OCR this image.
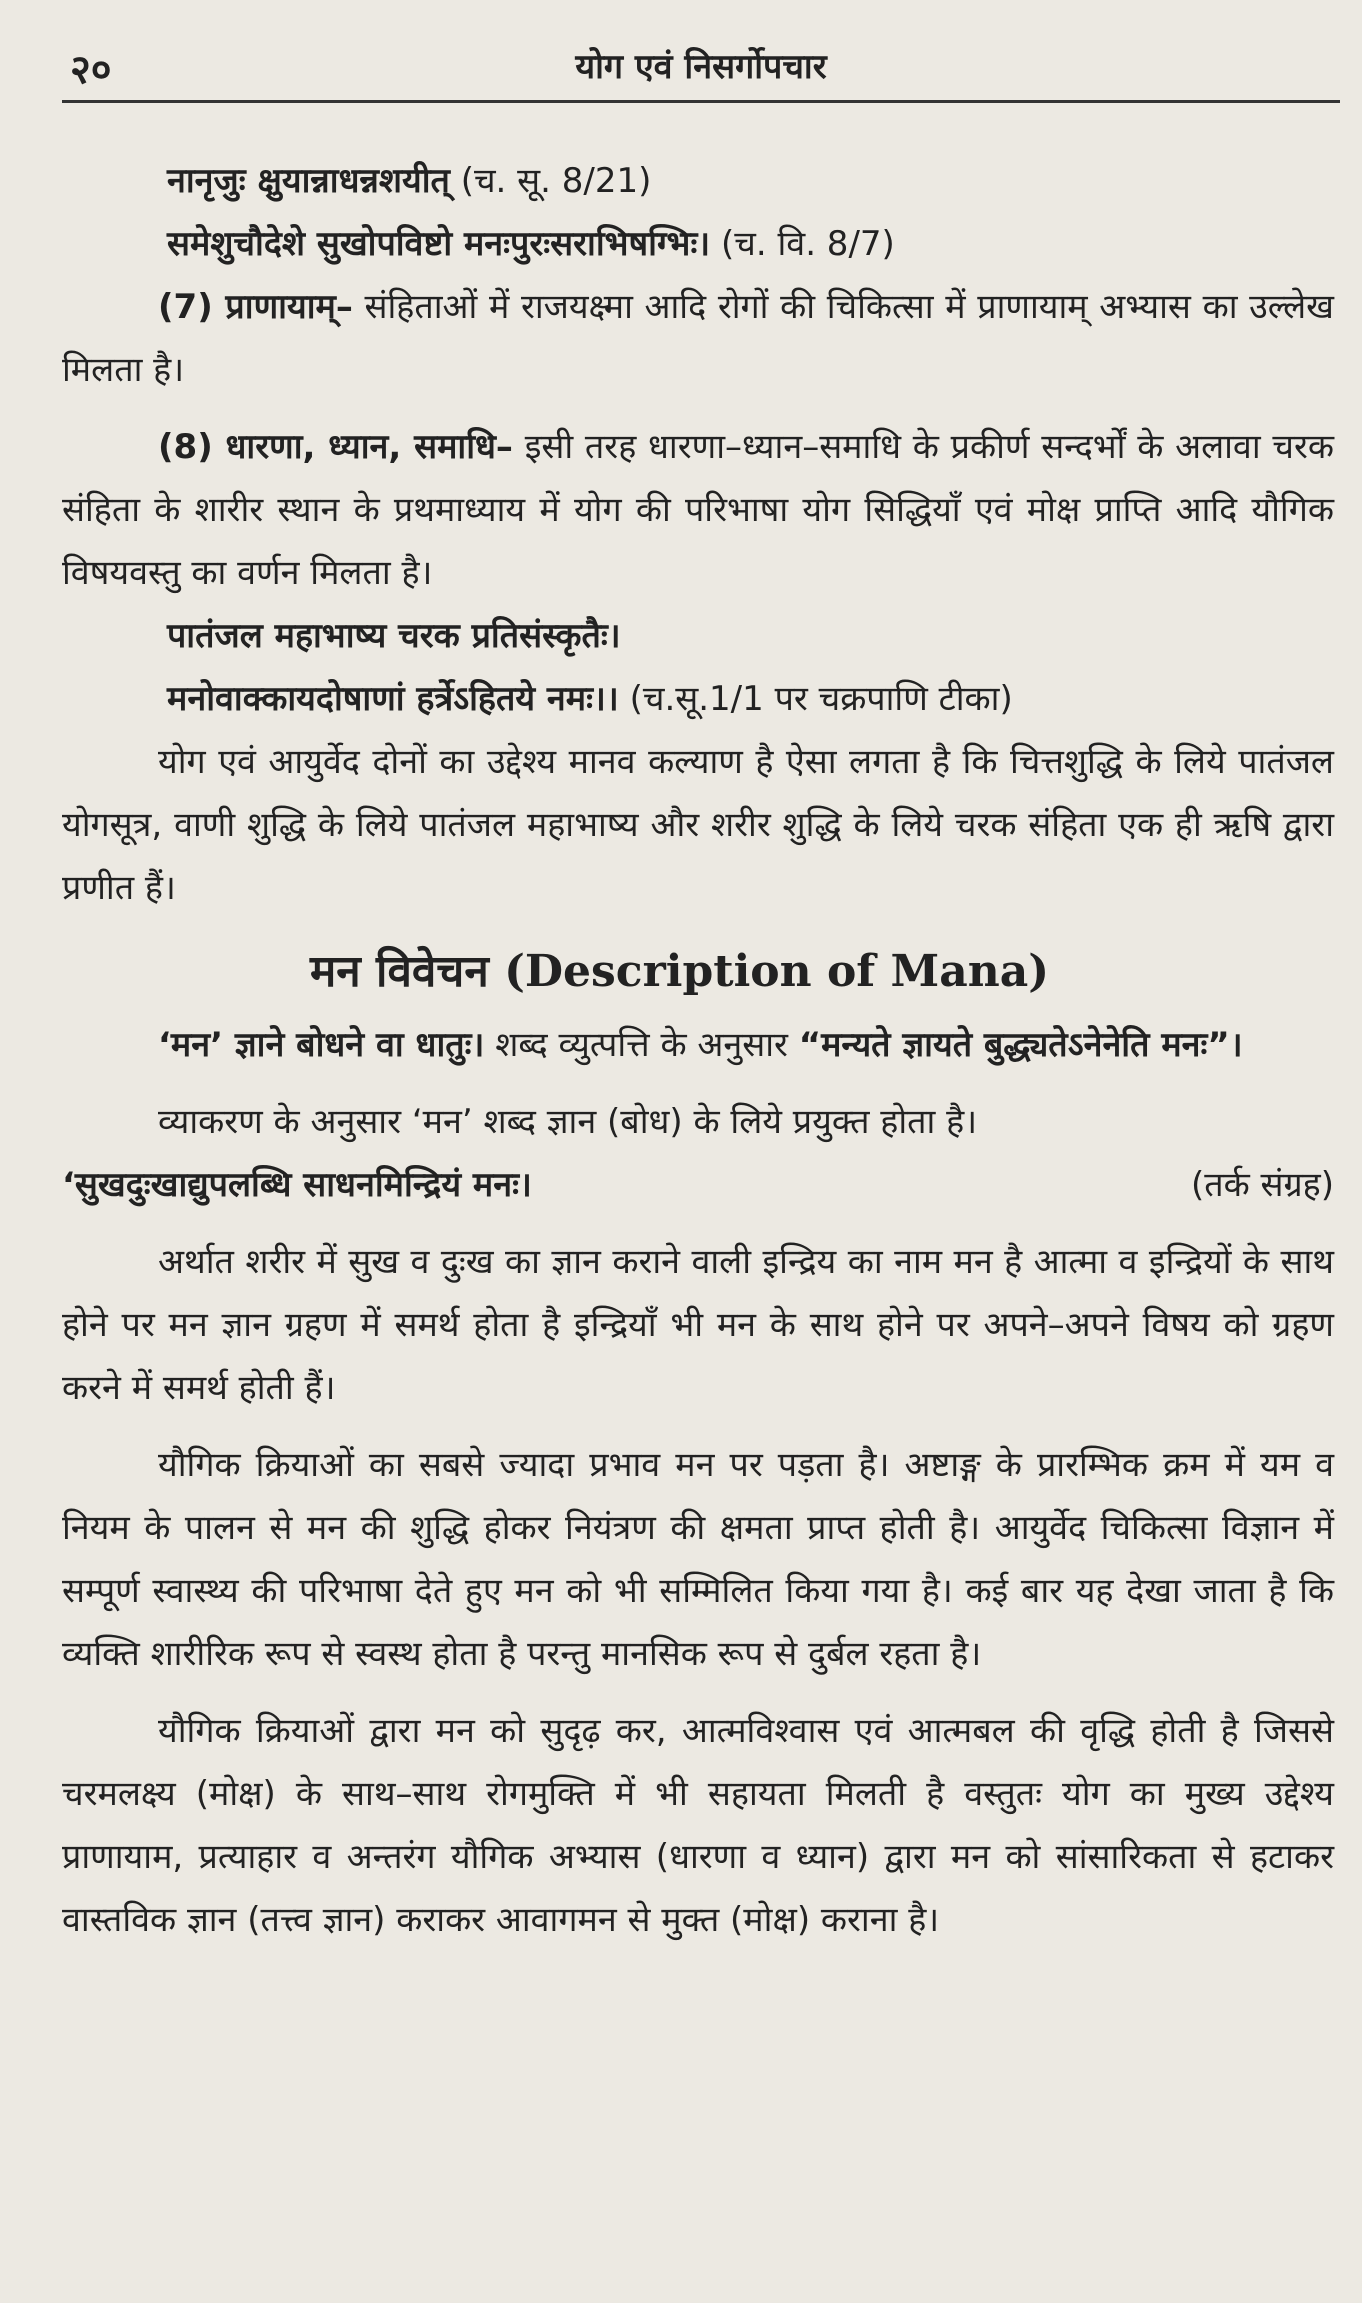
२०	योग एवं निसर्गोपचार

नानृजुः क्षुयान्नाधन्नशयीत् (च. सू. 8/21)

समेशुचौदेशे सुखोपविष्टो मनःपुरःसराभिषग्भिः। (च. वि. 8/7)

(7) प्राणायाम्– संहिताओं में राजयक्ष्मा आदि रोगों की चिकित्सा में प्राणायाम् अभ्यास का उल्लेख मिलता है।

(8) धारणा, ध्यान, समाधि– इसी तरह धारणा–ध्यान–समाधि के प्रकीर्ण सन्दर्भों के अलावा चरक संहिता के शारीर स्थान के प्रथमाध्याय में योग की परिभाषा योग सिद्धियाँ एवं मोक्ष प्राप्ति आदि यौगिक विषयवस्तु का वर्णन मिलता है।

पातंजल महाभाष्य चरक प्रतिसंस्कृतैः।

मनोवाक्कायदोषाणां हर्त्रेऽहितये नमः।। (च.सू.1/1 पर चक्रपाणि टीका)

योग एवं आयुर्वेद दोनों का उद्देश्य मानव कल्याण है ऐसा लगता है कि चित्तशुद्धि के लिये पातंजल योगसूत्र, वाणी शुद्धि के लिये पातंजल महाभाष्य और शरीर शुद्धि के लिये चरक संहिता एक ही ऋषि द्वारा प्रणीत हैं।

मन विवेचन (Description of Mana)

‘मन’ ज्ञाने बोधने वा धातुः। शब्द व्युत्पत्ति के अनुसार “मन्यते ज्ञायते बुद्ध्यतेऽनेनेति मनः”।

व्याकरण के अनुसार ‘मन’ शब्द ज्ञान (बोध) के लिये प्रयुक्त होता है।

‘सुखदुःखाद्युपलब्धि साधनमिन्द्रियं मनः।	(तर्क संग्रह)

अर्थात शरीर में सुख व दुःख का ज्ञान कराने वाली इन्द्रिय का नाम मन है आत्मा व इन्द्रियों के साथ होने पर मन ज्ञान ग्रहण में समर्थ होता है इन्द्रियाँ भी मन के साथ होने पर अपने–अपने विषय को ग्रहण करने में समर्थ होती हैं।

यौगिक क्रियाओं का सबसे ज्यादा प्रभाव मन पर पड़ता है। अष्टाङ्ग के प्रारम्भिक क्रम में यम व नियम के पालन से मन की शुद्धि होकर नियंत्रण की क्षमता प्राप्त होती है। आयुर्वेद चिकित्सा विज्ञान में सम्पूर्ण स्वास्थ्य की परिभाषा देते हुए मन को भी सम्मिलित किया गया है। कई बार यह देखा जाता है कि व्यक्ति शारीरिक रूप से स्वस्थ होता है परन्तु मानसिक रूप से दुर्बल रहता है।

यौगिक क्रियाओं द्वारा मन को सुदृढ़ कर, आत्मविश्वास एवं आत्मबल की वृद्धि होती है जिससे चरमलक्ष्य (मोक्ष) के साथ–साथ रोगमुक्ति में भी सहायता मिलती है वस्तुतः योग का मुख्य उद्देश्य प्राणायाम, प्रत्याहार व अन्तरंग यौगिक अभ्यास (धारणा व ध्यान) द्वारा मन को सांसारिकता से हटाकर वास्तविक ज्ञान (तत्त्व ज्ञान) कराकर आवागमन से मुक्त (मोक्ष) कराना है।
